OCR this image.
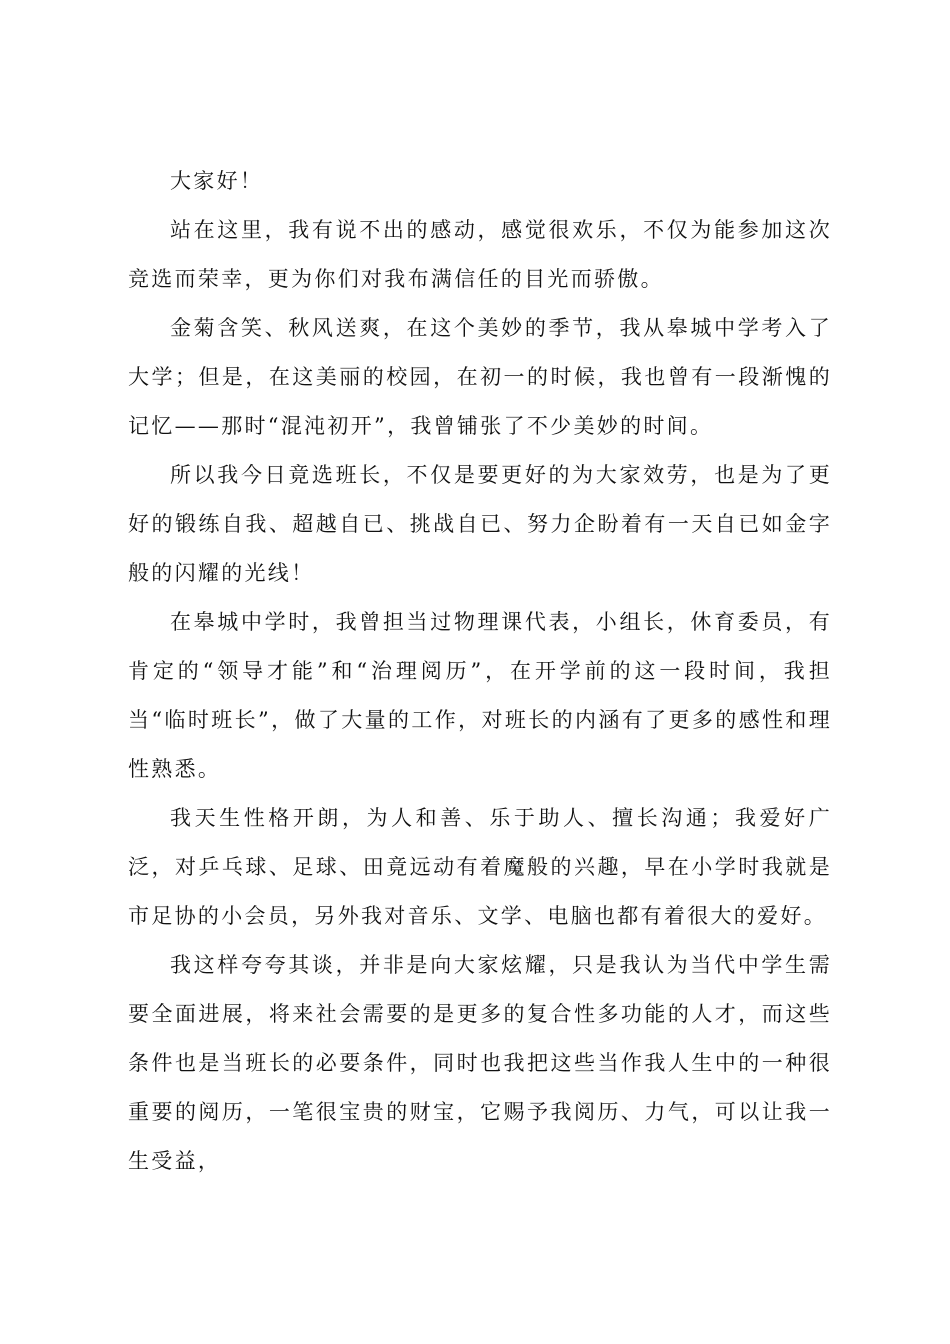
大家好！

站在这里，我有说不出的感动，感觉很欢乐，不仅为能参加这次竞选而荣幸，更为你们对我布满信任的目光而骄傲。

金菊含笑、秋风送爽，在这个美妙的季节，我从皋城中学考入了大学；但是，在这美丽的校园，在初一的时候，我也曾有一段渐愧的记忆——那时“混沌初开”，我曾铺张了不少美妙的时间。

所以我今日竟选班长，不仅是要更好的为大家效劳，也是为了更好的锻练自我、超越自已、挑战自已、努力企盼着有一天自已如金字般的闪耀的光线！

在皋城中学时，我曾担当过物理课代表，小组长，休育委员，有肯定的“领导才能”和“治理阅历”，在开学前的这一段时间，我担当“临时班长”，做了大量的工作，对班长的内涵有了更多的感性和理性熟悉。

我天生性格开朗，为人和善、乐于助人、擅长沟通；我爱好广泛，对乒乓球、足球、田竟远动有着魔般的兴趣，早在小学时我就是市足协的小会员，另外我对音乐、文学、电脑也都有着很大的爱好。

我这样夸夸其谈，并非是向大家炫耀，只是我认为当代中学生需要全面进展，将来社会需要的是更多的复合性多功能的人才，而这些条件也是当班长的必要条件，同时也我把这些当作我人生中的一种很重要的阅历，一笔很宝贵的财宝，它赐予我阅历、力气，可以让我一生受益，
